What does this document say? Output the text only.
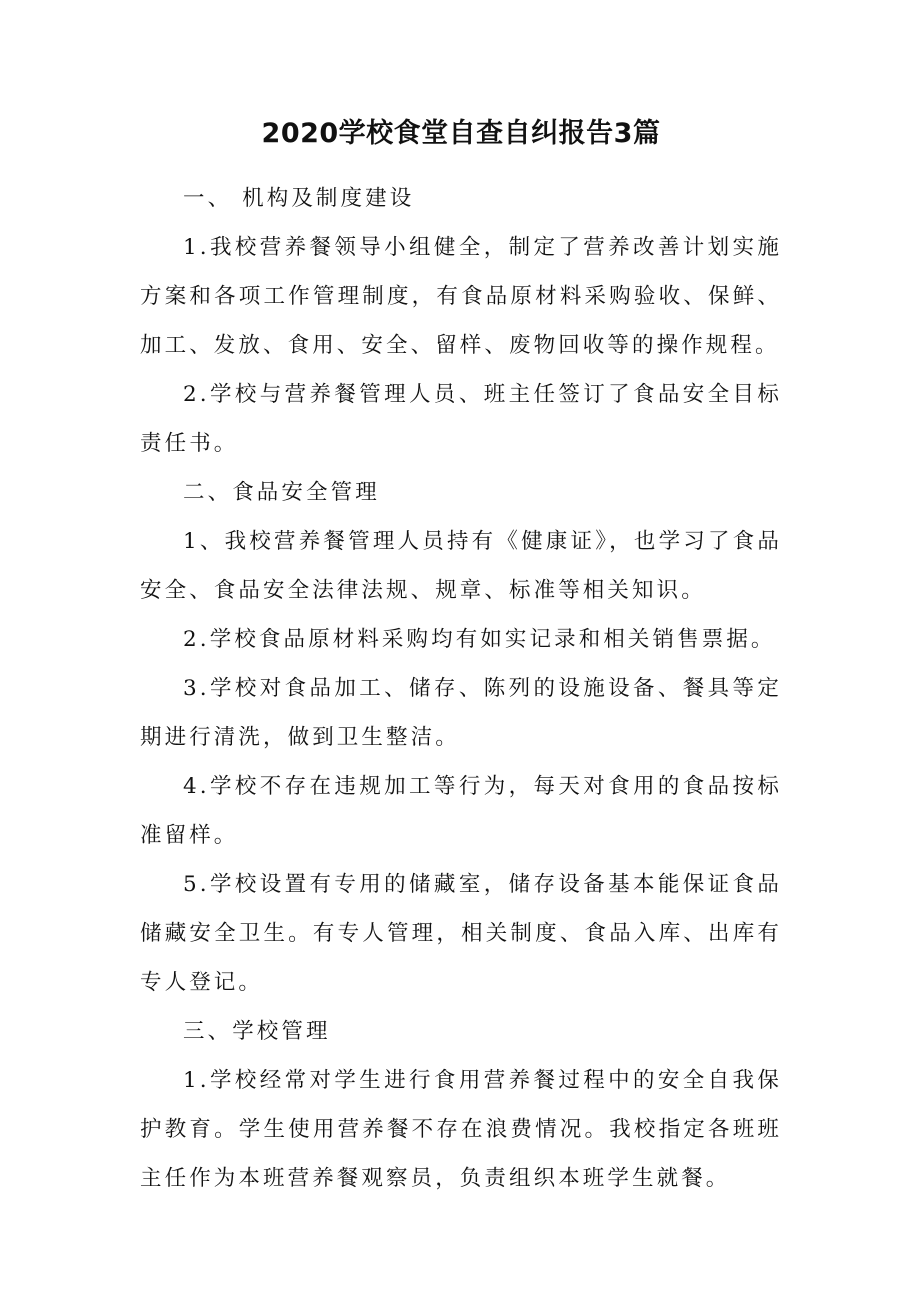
2020学校食堂自查自纠报告3篇

一、 机构及制度建设

1.我校营养餐领导小组健全，制定了营养改善计划实施方案和各项工作管理制度，有食品原材料采购验收、保鲜、加工、发放、食用、安全、留样、废物回收等的操作规程。

2.学校与营养餐管理人员、班主任签订了食品安全目标责任书。

二、食品安全管理

1、我校营养餐管理人员持有《健康证》，也学习了食品安全、食品安全法律法规、规章、标准等相关知识。

2.学校食品原材料采购均有如实记录和相关销售票据。

3.学校对食品加工、储存、陈列的设施设备、餐具等定期进行清洗，做到卫生整洁。

4.学校不存在违规加工等行为，每天对食用的食品按标准留样。

5.学校设置有专用的储藏室，储存设备基本能保证食品储藏安全卫生。有专人管理，相关制度、食品入库、出库有专人登记。

三、学校管理

1.学校经常对学生进行食用营养餐过程中的安全自我保护教育。学生使用营养餐不存在浪费情况。我校指定各班班主任作为本班营养餐观察员，负责组织本班学生就餐。
